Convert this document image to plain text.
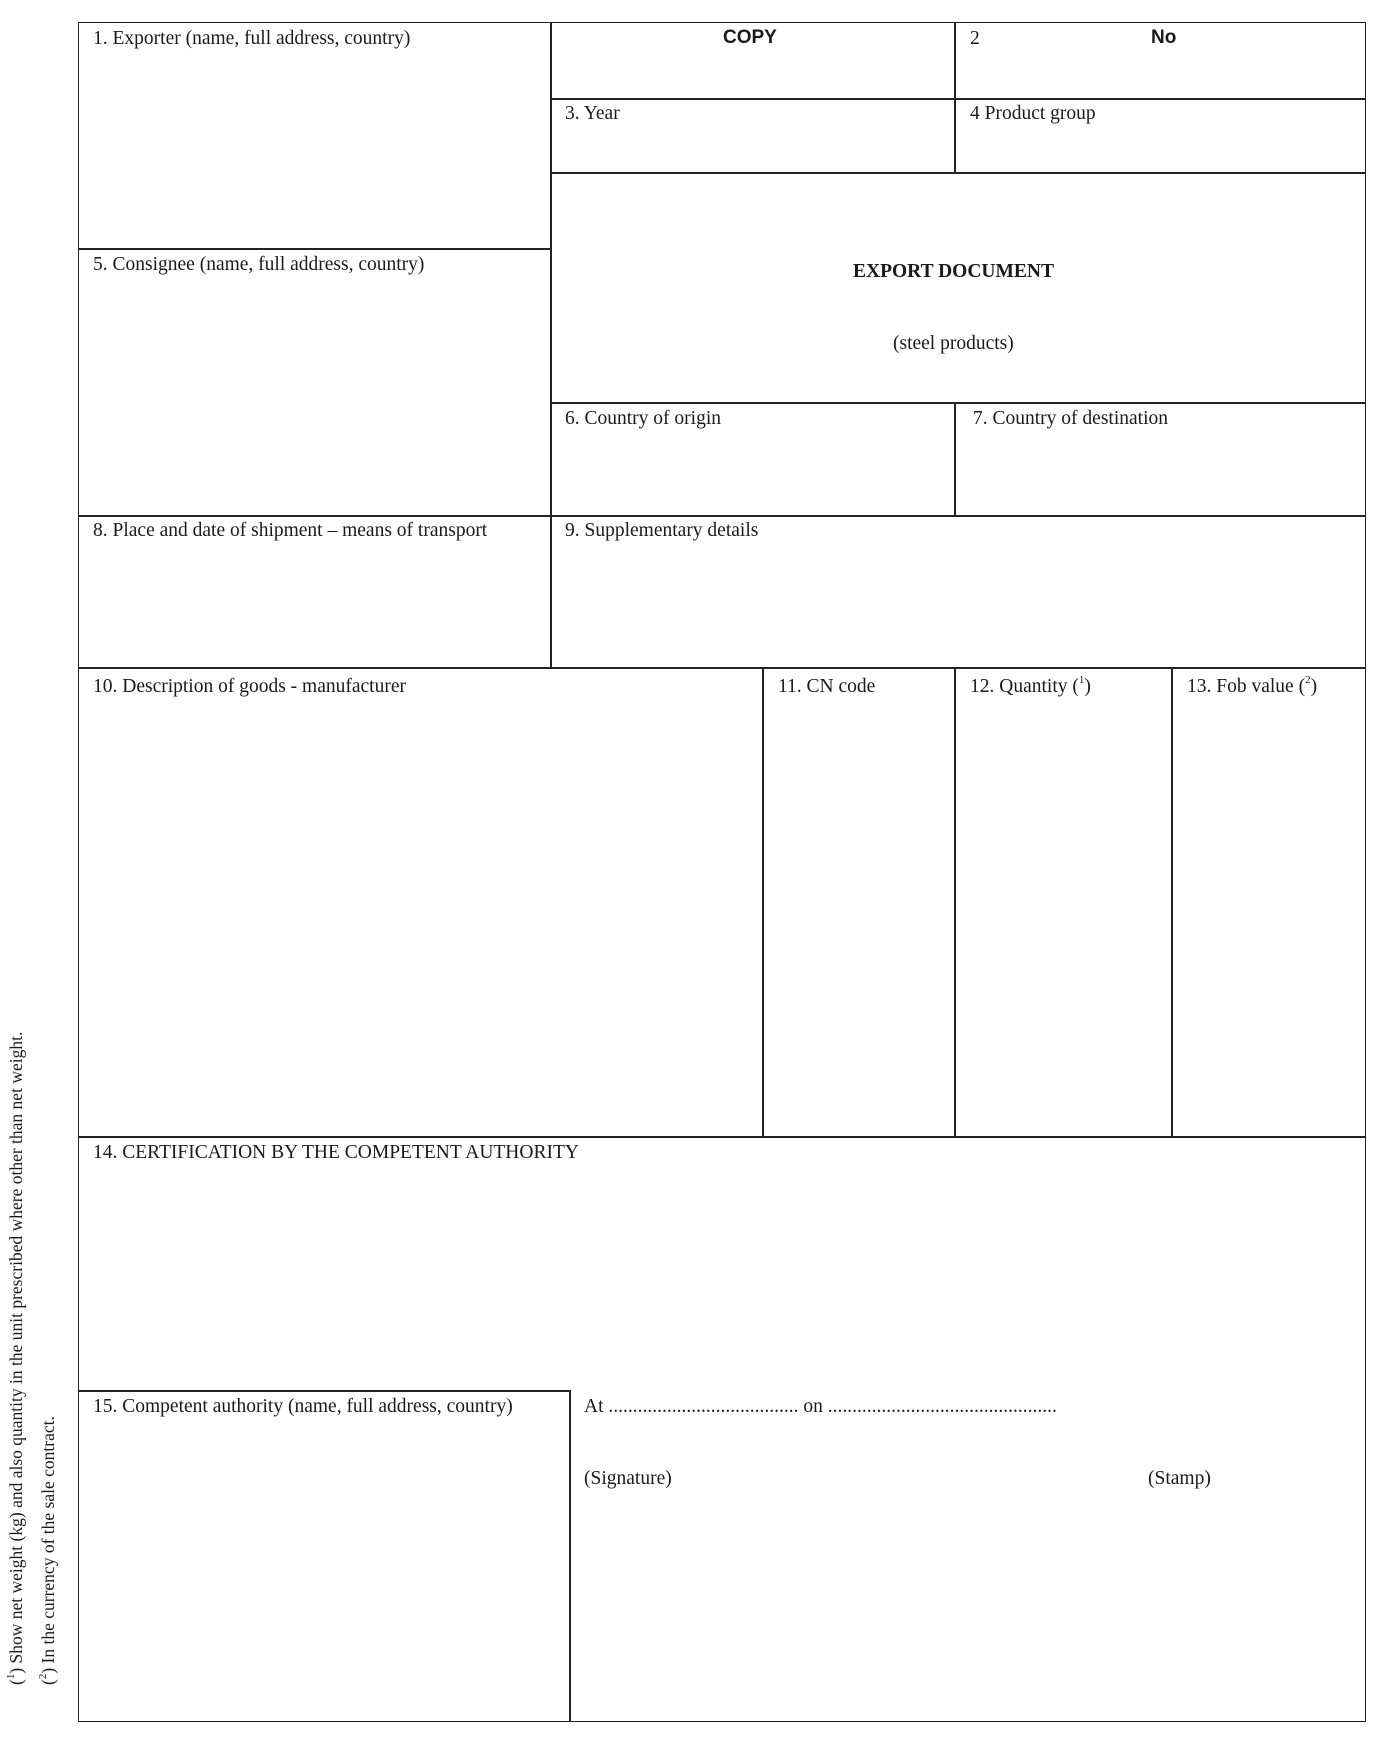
1. Exporter (name, full address, country)	COPY	2	No
3. Year	4 Product group
5. Consignee (name, full address, country)	EXPORT DOCUMENT
(steel products)
6. Country of origin	7. Country of destination
8. Place and date of shipment – means of transport	9. Supplementary details
10. Description of goods - manufacturer	11. CN code	12. Quantity ($^1$)	13. Fob value ($^2$)
14. CERTIFICATION BY THE COMPETENT AUTHORITY
15. Competent authority (name, full address, country)	At ....................................... on ...............................................
(Signature)	(Stamp)
($^1$) Show net weight (kg) and also quantity in the unit prescribed where other than net weight.
($^2$) In the currency of the sale contract.
